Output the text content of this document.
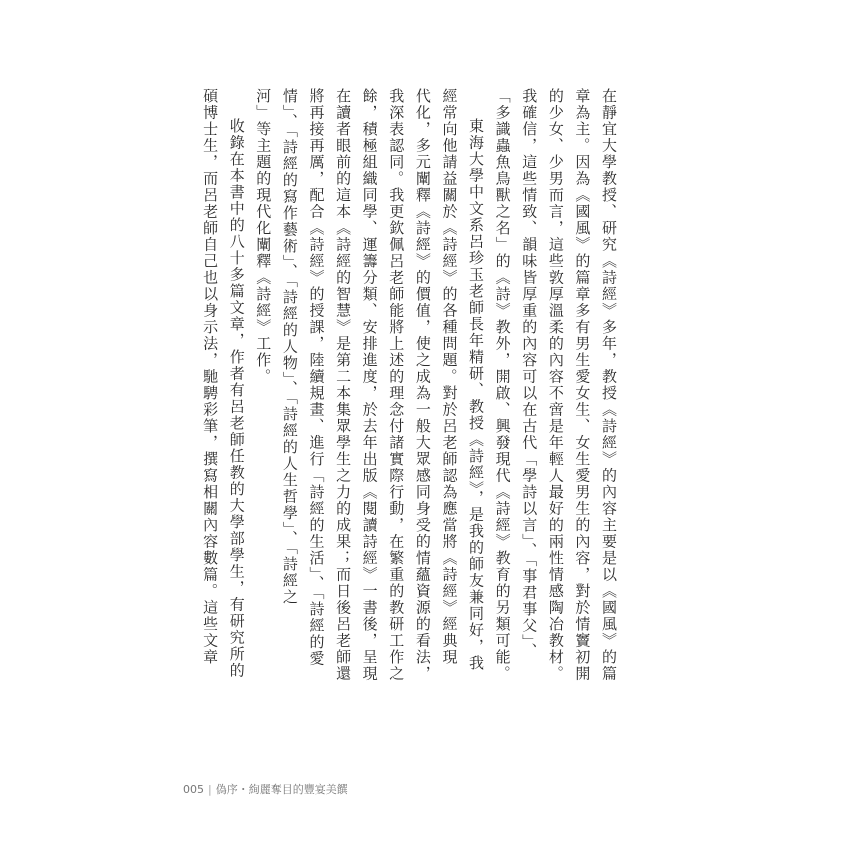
在靜宜大學教授、研究《詩經》多年，教授《詩經》的內容主要是以《國風》的篇
章為主。因為《國風》的篇章多有男生愛女生、女生愛男生的內容，對於情竇初開
的少女、少男而言，這些敦厚溫柔的內容不啻是年輕人最好的兩性情感陶冶教材。
我確信，這些情致、韻味皆厚重的內容可以在古代「學詩以言」、「事君事父」、
「多識蟲魚鳥獸之名」的《詩》教外，開啟、興發現代《詩經》教育的另類可能。
東海大學中文系呂珍玉老師長年精研、教授《詩經》，是我的師友兼同好，我
經常向他請益關於《詩經》的各種問題。對於呂老師認為應當將《詩經》經典現
代化，多元闡釋《詩經》的價值，使之成為一般大眾感同身受的情蘊資源的看法，
我深表認同。我更欽佩呂老師能將上述的理念付諸實際行動，在繁重的教研工作之
餘，積極組織同學、運籌分類、安排進度，於去年出版《閱讀詩經》一書後，呈現
在讀者眼前的這本《詩經的智慧》是第二本集眾學生之力的成果；而日後呂老師還
將再接再厲，配合《詩經》的授課，陸續規畫、進行「詩經的生活」、「詩經的愛
情」、「詩經的寫作藝術」、「詩經的人物」、「詩經的人生哲學」、「詩經之
河」等主題的現代化闡釋《詩經》工作。
收錄在本書中的八十多篇文章，作者有呂老師任教的大學部學生，有研究所的
碩博士生，而呂老師自己也以身示法，馳騁彩筆，撰寫相關內容數篇。這些文章
005 | 偽序・絢麗奪目的豐宴美饌
